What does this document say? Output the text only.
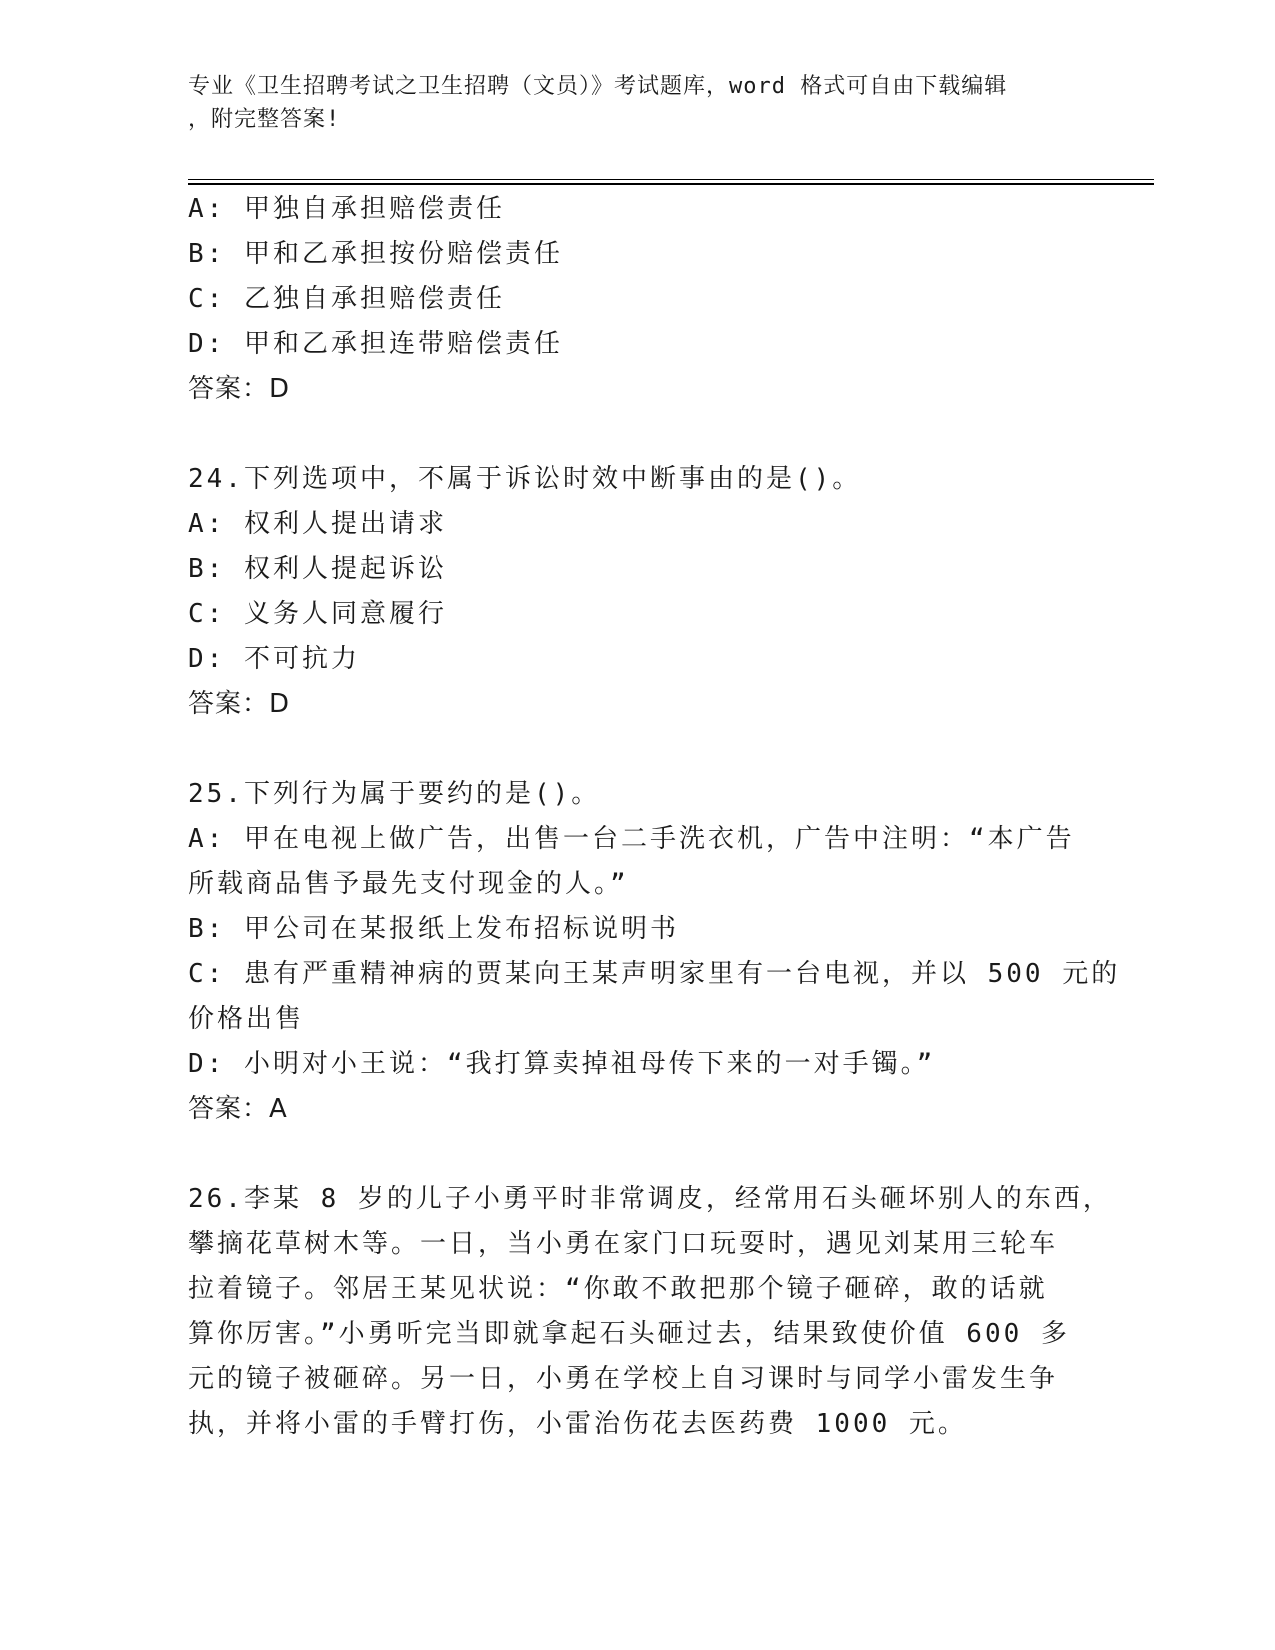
专业《卫生招聘考试之卫生招聘（文员）》考试题库，word 格式可自由下载编辑
，附完整答案!
A: 甲独自承担赔偿责任
B: 甲和乙承担按份赔偿责任
C: 乙独自承担赔偿责任
D: 甲和乙承担连带赔偿责任
答案：D
24.下列选项中，不属于诉讼时效中断事由的是()。
A: 权利人提出请求
B: 权利人提起诉讼
C: 义务人同意履行
D: 不可抗力
答案：D
25.下列行为属于要约的是()。
A: 甲在电视上做广告，出售一台二手洗衣机，广告中注明：“本广告
所载商品售予最先支付现金的人。”
B: 甲公司在某报纸上发布招标说明书
C: 患有严重精神病的贾某向王某声明家里有一台电视，并以 500 元的
价格出售
D: 小明对小王说：“我打算卖掉祖母传下来的一对手镯。”
答案：A
26.李某 8 岁的儿子小勇平时非常调皮，经常用石头砸坏别人的东西，
攀摘花草树木等。一日，当小勇在家门口玩耍时，遇见刘某用三轮车
拉着镜子。邻居王某见状说：“你敢不敢把那个镜子砸碎，敢的话就
算你厉害。”小勇听完当即就拿起石头砸过去，结果致使价值 600 多
元的镜子被砸碎。另一日，小勇在学校上自习课时与同学小雷发生争
执，并将小雷的手臂打伤，小雷治伤花去医药费 1000 元。
